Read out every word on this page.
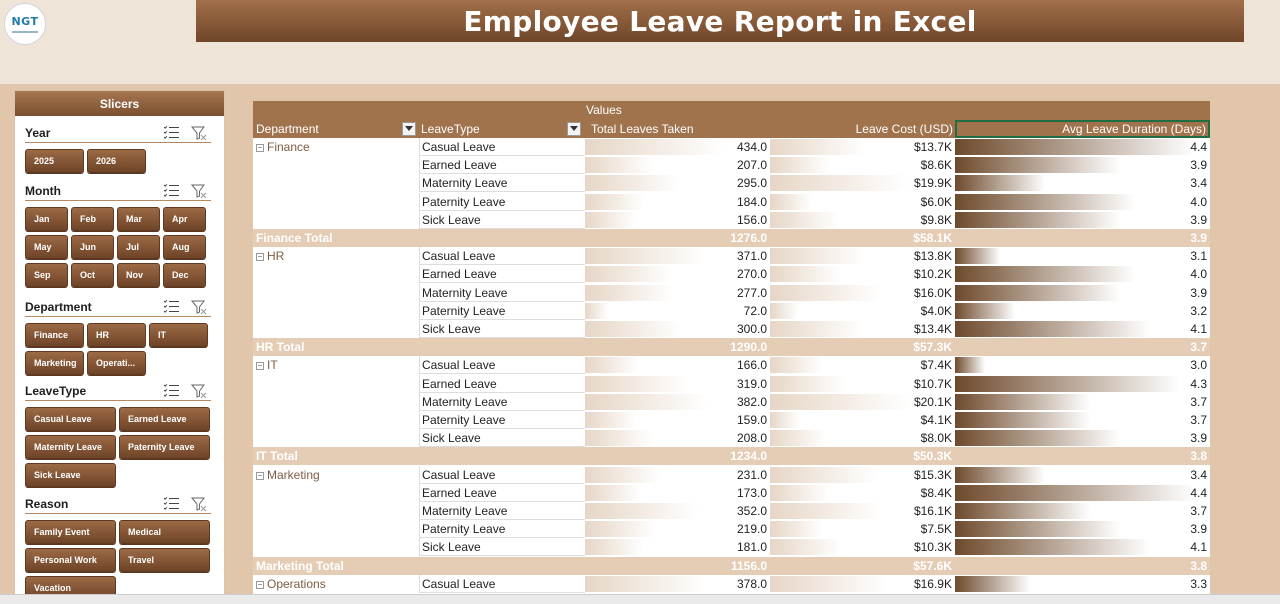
NGT	Employee Leave Report in Excel
Slicers
Year
2025	2026
Month
Jan	Feb	Mar	Apr
May	Jun	Jul	Aug
Sep	Oct	Nov	Dec
Department
Finance	HR	IT
Marketing	Operati...
LeaveType
Casual Leave	Earned Leave
Maternity Leave	Paternity Leave
Sick Leave
Reason
Family Event	Medical
Personal Work	Travel
Vacation
Values
Department	LeaveType	Total Leaves Taken	Leave Cost (USD)	Avg Leave Duration (Days)
− Finance	Casual Leave	434.0	$13.7K	4.4
Earned Leave	207.0	$8.6K	3.9
Maternity Leave	295.0	$19.9K	3.4
Paternity Leave	184.0	$6.0K	4.0
Sick Leave	156.0	$9.8K	3.9
Finance Total	1276.0	$58.1K	3.9
− HR	Casual Leave	371.0	$13.8K	3.1
Earned Leave	270.0	$10.2K	4.0
Maternity Leave	277.0	$16.0K	3.9
Paternity Leave	72.0	$4.0K	3.2
Sick Leave	300.0	$13.4K	4.1
HR Total	1290.0	$57.3K	3.7
− IT	Casual Leave	166.0	$7.4K	3.0
Earned Leave	319.0	$10.7K	4.3
Maternity Leave	382.0	$20.1K	3.7
Paternity Leave	159.0	$4.1K	3.7
Sick Leave	208.0	$8.0K	3.9
IT Total	1234.0	$50.3K	3.8
− Marketing	Casual Leave	231.0	$15.3K	3.4
Earned Leave	173.0	$8.4K	4.4
Maternity Leave	352.0	$16.1K	3.7
Paternity Leave	219.0	$7.5K	3.9
Sick Leave	181.0	$10.3K	4.1
Marketing Total	1156.0	$57.6K	3.8
− Operations	Casual Leave	378.0	$16.9K	3.3
